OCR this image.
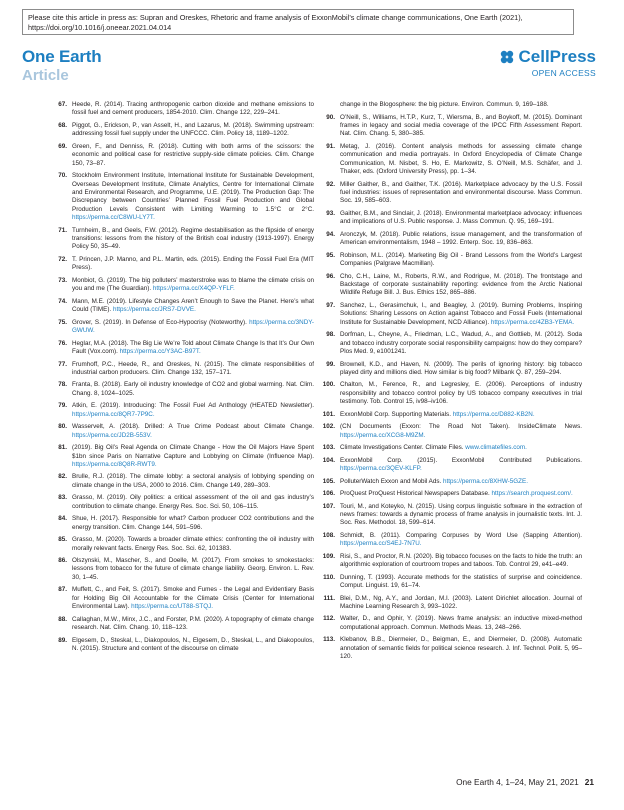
Please cite this article in press as: Supran and Oreskes, Rhetoric and frame analysis of ExxonMobil’s climate change communications, One Earth (2021), https://doi.org/10.1016/j.oneear.2021.04.014
One Earth
Article
CellPress
OPEN ACCESS
67. Heede, R. (2014). Tracing anthropogenic carbon dioxide and methane emissions to fossil fuel and cement producers, 1854-2010. Clim. Change 122, 229–241.
68. Piggot, G., Erickson, P., van Asselt, H., and Lazarus, M. (2018). Swimming upstream: addressing fossil fuel supply under the UNFCCC. Clim. Policy 18, 1189–1202.
69. Green, F., and Denniss, R. (2018). Cutting with both arms of the scissors: the economic and political case for restrictive supply-side climate policies. Clim. Change 150, 73–87.
70. Stockholm Environment Institute, International Institute for Sustainable Development, Overseas Development Institute, Climate Analytics, Centre for International Climate and Environmental Research, and Programme, U.E. (2019). The Production Gap: The Discrepancy between Countries’ Planned Fossil Fuel Production and Global Production Levels Consistent with Limiting Warming to 1.5°C or 2°C. https://perma.cc/C8WU-LY7T.
71. Turnheim, B., and Geels, F.W. (2012). Regime destabilisation as the flipside of energy transitions: lessons from the history of the British coal industry (1913-1997). Energy Policy 50, 35–49.
72. T. Princen, J.P. Manno, and P.L. Martin, eds. (2015). Ending the Fossil Fuel Era (MIT Press).
73. Monbiot, G. (2019). The big polluters’ masterstroke was to blame the climate crisis on you and me (The Guardian). https://perma.cc/X4QP-YFLF.
74. Mann, M.E. (2019). Lifestyle Changes Aren’t Enough to Save the Planet. Here’s what Could (TIME). https://perma.cc/JRS7-DVVE.
75. Grover, S. (2019). In Defense of Eco-Hypocrisy (Noteworthy). https://perma.cc/3NDY-GWUW.
76. Heglar, M.A. (2018). The Big Lie We’re Told about Climate Change Is that It’s Our Own Fault (Vox.com). https://perma.cc/Y3AC-B97T.
77. Frumhoff, P.C., Heede, R., and Oreskes, N. (2015). The climate responsibilities of industrial carbon producers. Clim. Change 132, 157–171.
78. Franta, B. (2018). Early oil industry knowledge of CO2 and global warming. Nat. Clim. Chang. 8, 1024–1025.
79. Atkin, E. (2019). Introducing: The Fossil Fuel Ad Anthology (HEATED Newsletter). https://perma.cc/8QR7-7P9C.
80. Wasservelt, A. (2018). Drilled: A True Crime Podcast about Climate Change. https://perma.cc/JD2B-553V.
81. (2019). Big Oil’s Real Agenda on Climate Change - How the Oil Majors Have Spent $1bn since Paris on Narrative Capture and Lobbying on Climate (Influence Map). https://perma.cc/8Q8R-RWT9.
82. Brulle, R.J. (2018). The climate lobby: a sectoral analysis of lobbying spending on climate change in the USA, 2000 to 2016. Clim. Change 149, 289–303.
83. Grasso, M. (2019). Oily politics: a critical assessment of the oil and gas industry’s contribution to climate change. Energy Res. Soc. Sci. 50, 106–115.
84. Shue, H. (2017). Responsible for what? Carbon producer CO2 contributions and the energy transition. Clim. Change 144, 591–596.
85. Grasso, M. (2020). Towards a broader climate ethics: confronting the oil industry with morally relevant facts. Energy Res. Soc. Sci. 62, 101383.
86. Olszynski, M., Mascher, S., and Doelle, M. (2017). From smokes to smokestacks: lessons from tobacco for the future of climate change liability. Georg. Environ. L. Rev. 30, 1–45.
87. Muffett, C., and Feit, S. (2017). Smoke and Fumes - the Legal and Evidentiary Basis for Holding Big Oil Accountable for the Climate Crisis (Center for International Environmental Law). https://perma.cc/UT88-STQJ.
88. Callaghan, M.W., Minx, J.C., and Forster, P.M. (2020). A topography of climate change research. Nat. Clim. Chang. 10, 118–123.
89. Elgesem, D., Steskal, L., Diakopoulos, N., Elgesem, D., Steskal, L., and Diakopoulos, N. (2015). Structure and content of the discourse on climate
change in the Blogosphere: the big picture. Environ. Commun. 9, 169–188.
90. O’Neill, S., Williams, H.T.P., Kurz, T., Wiersma, B., and Boykoff, M. (2015). Dominant frames in legacy and social media coverage of the IPCC Fifth Assessment Report. Nat. Clim. Chang. 5, 380–385.
91. Metag, J. (2016). Content analysis methods for assessing climate change communication and media portrayals. In Oxford Encyclopedia of Climate Change Communication, M. Nisbet, S. Ho, E. Markowitz, S. O’Neill, M.S. Schäfer, and J. Thaker, eds. (Oxford University Press), pp. 1–34.
92. Miller Gaither, B., and Gaither, T.K. (2016). Marketplace advocacy by the U.S. Fossil fuel industries: issues of representation and environmental discourse. Mass Commun. Soc. 19, 585–603.
93. Gaither, B.M., and Sinclair, J. (2018). Environmental marketplace advocacy: influences and implications of U.S. Public response. J. Mass Commun. Q. 95, 169–191.
94. Aronczyk, M. (2018). Public relations, issue management, and the transformation of American environmentalism, 1948 – 1992. Enterp. Soc. 19, 836–863.
95. Robinson, M.L. (2014). Marketing Big Oil - Brand Lessons from the World’s Largest Companies (Palgrave Macmillan).
96. Cho, C.H., Laine, M., Roberts, R.W., and Rodrigue, M. (2018). The frontstage and Backstage of corporate sustainability reporting: evidence from the Arctic National Wildlife Refuge Bill. J. Bus. Ethics 152, 865–886.
97. Sanchez, L., Gerasimchuk, I., and Beagley, J. (2019). Burning Problems, Inspiring Solutions: Sharing Lessons on Action against Tobacco and Fossil Fuels (International Institute for Sustainable Development, NCD Alliance). https://perma.cc/4ZB3-YEMA.
98. Dorfman, L., Cheyne, A., Friedman, L.C., Wadud, A., and Gottlieb, M. (2012). Soda and tobacco industry corporate social responsibility campaigns: how do they compare? Plos Med. 9, e1001241.
99. Brownell, K.D., and Haven, N. (2009). The perils of ignoring history: big tobacco played dirty and millions died. How similar is big food? Milbank Q. 87, 259–294.
100. Chalton, M., Ference, R., and Legresley, E. (2006). Perceptions of industry responsibility and tobacco control policy by US tobacco company executives in trial testimony. Tob. Control 15, iv98–iv106.
101. ExxonMobil Corp. Supporting Materials. https://perma.cc/D882-KB2N.
102. (CN Documents (Exxon: The Road Not Taken). InsideClimate News. https://perma.cc/XCG8-M9ZM.
103. Climate Investigations Center. Climate Files. www.climatefiles.com.
104. ExxonMobil Corp. (2015). ExxonMobil Contributed Publications. https://perma.cc/3QEV-KLFP.
105. PolluterWatch Exxon and Mobil Ads. https://perma.cc/8XHW-5GZE.
106. ProQuest ProQuest Historical Newspapers Database. https://search.proquest.com/.
107. Touri, M., and Koteyko, N. (2015). Using corpus linguistic software in the extraction of news frames: towards a dynamic process of frame analysis in journalistic texts. Int. J. Soc. Res. Methodol. 18, 599–614.
108. Schmidt, B. (2011). Comparing Corpuses by Word Use (Sapping Attention). https://perma.cc/S4EJ-7N7U.
109. Risi, S., and Proctor, R.N. (2020). Big tobacco focuses on the facts to hide the truth: an algorithmic exploration of courtroom tropes and taboos. Tob. Control 29, e41–e49.
110. Dunning, T. (1993). Accurate methods for the statistics of surprise and coincidence. Comput. Linguist. 19, 61–74.
111. Blei, D.M., Ng, A.Y., and Jordan, M.I. (2003). Latent Dirichlet allocation. Journal of Machine Learning Research 3, 993–1022.
112. Walter, D., and Ophir, Y. (2019). News frame analysis: an inductive mixed-method computational approach. Commun. Methods Meas. 13, 248–266.
113. Klebanov, B.B., Diermeier, D., Beigman, E., and Diermeier, D. (2008). Automatic annotation of semantic fields for political science research. J. Inf. Technol. Polit. 5, 95–120.
One Earth 4, 1–24, May 21, 2021 21
